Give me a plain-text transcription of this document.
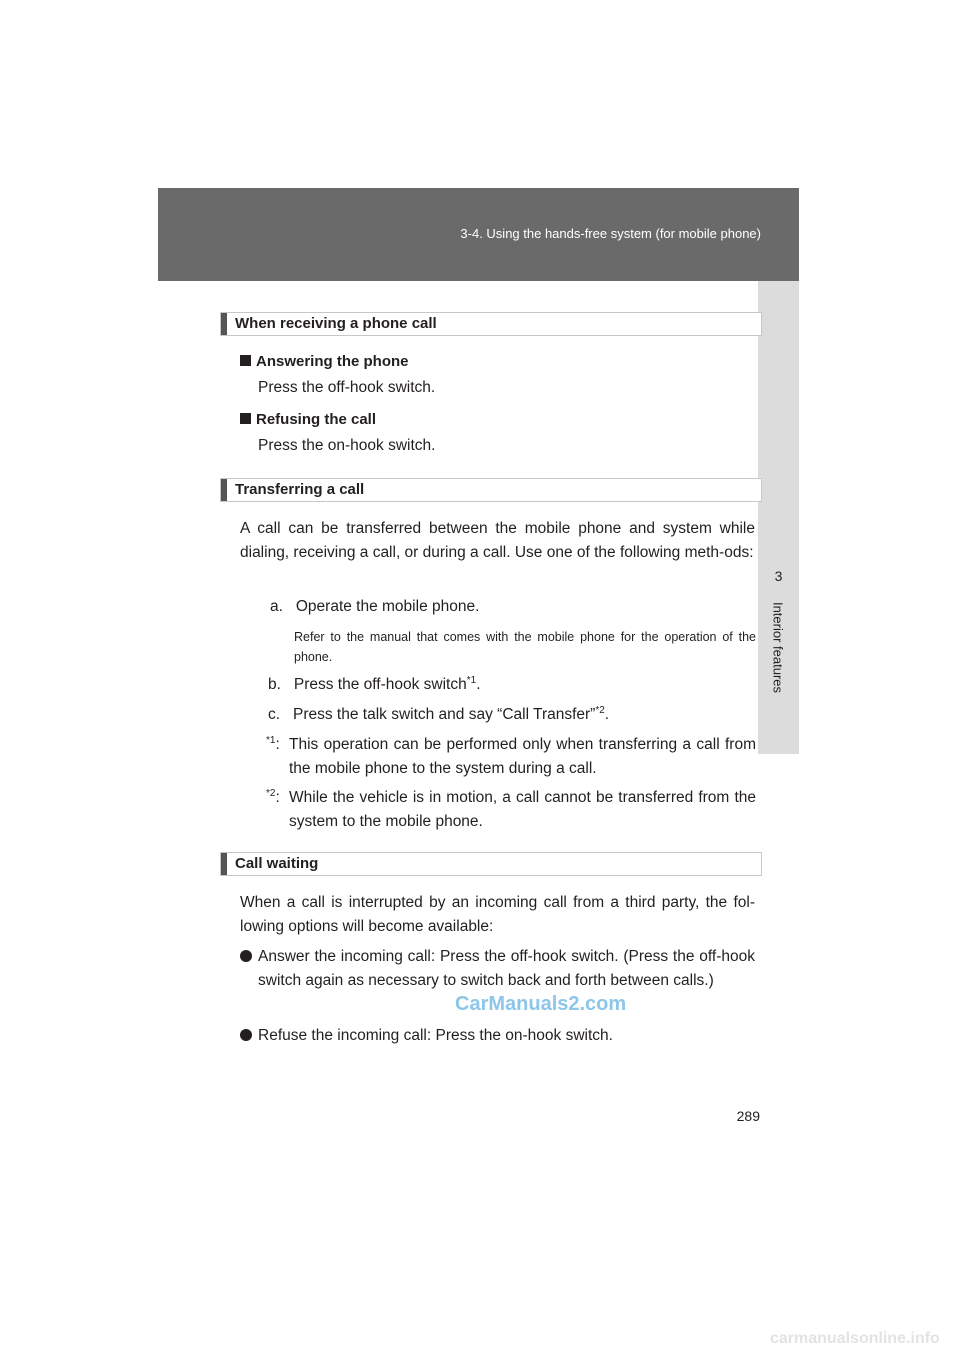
3-4. Using the hands-free system (for mobile phone)
3
Interior features
When receiving a phone call
Answering the phone
Press the off-hook switch.
Refusing the call
Press the on-hook switch.
Transferring a call
A call can be transferred between the mobile phone and system while dialing, receiving a call, or during a call. Use one of the following meth-ods:
a. Operate the mobile phone.
Refer to the manual that comes with the mobile phone for the operation of the phone.
b. Press the off-hook switch$^{*1}$.
c. Press the talk switch and say “Call Transfer”$^{*2}$.
$^{*1}$: This operation can be performed only when transferring a call from the mobile phone to the system during a call.
$^{*2}$: While the vehicle is in motion, a call cannot be transferred from the system to the mobile phone.
Call waiting
When a call is interrupted by an incoming call from a third party, the fol-lowing options will become available:
Answer the incoming call: Press the off-hook switch. (Press the off-hook switch again as necessary to switch back and forth between calls.)
Refuse the incoming call: Press the on-hook switch.
289
CarManuals2.com
carmanualsonline.info
